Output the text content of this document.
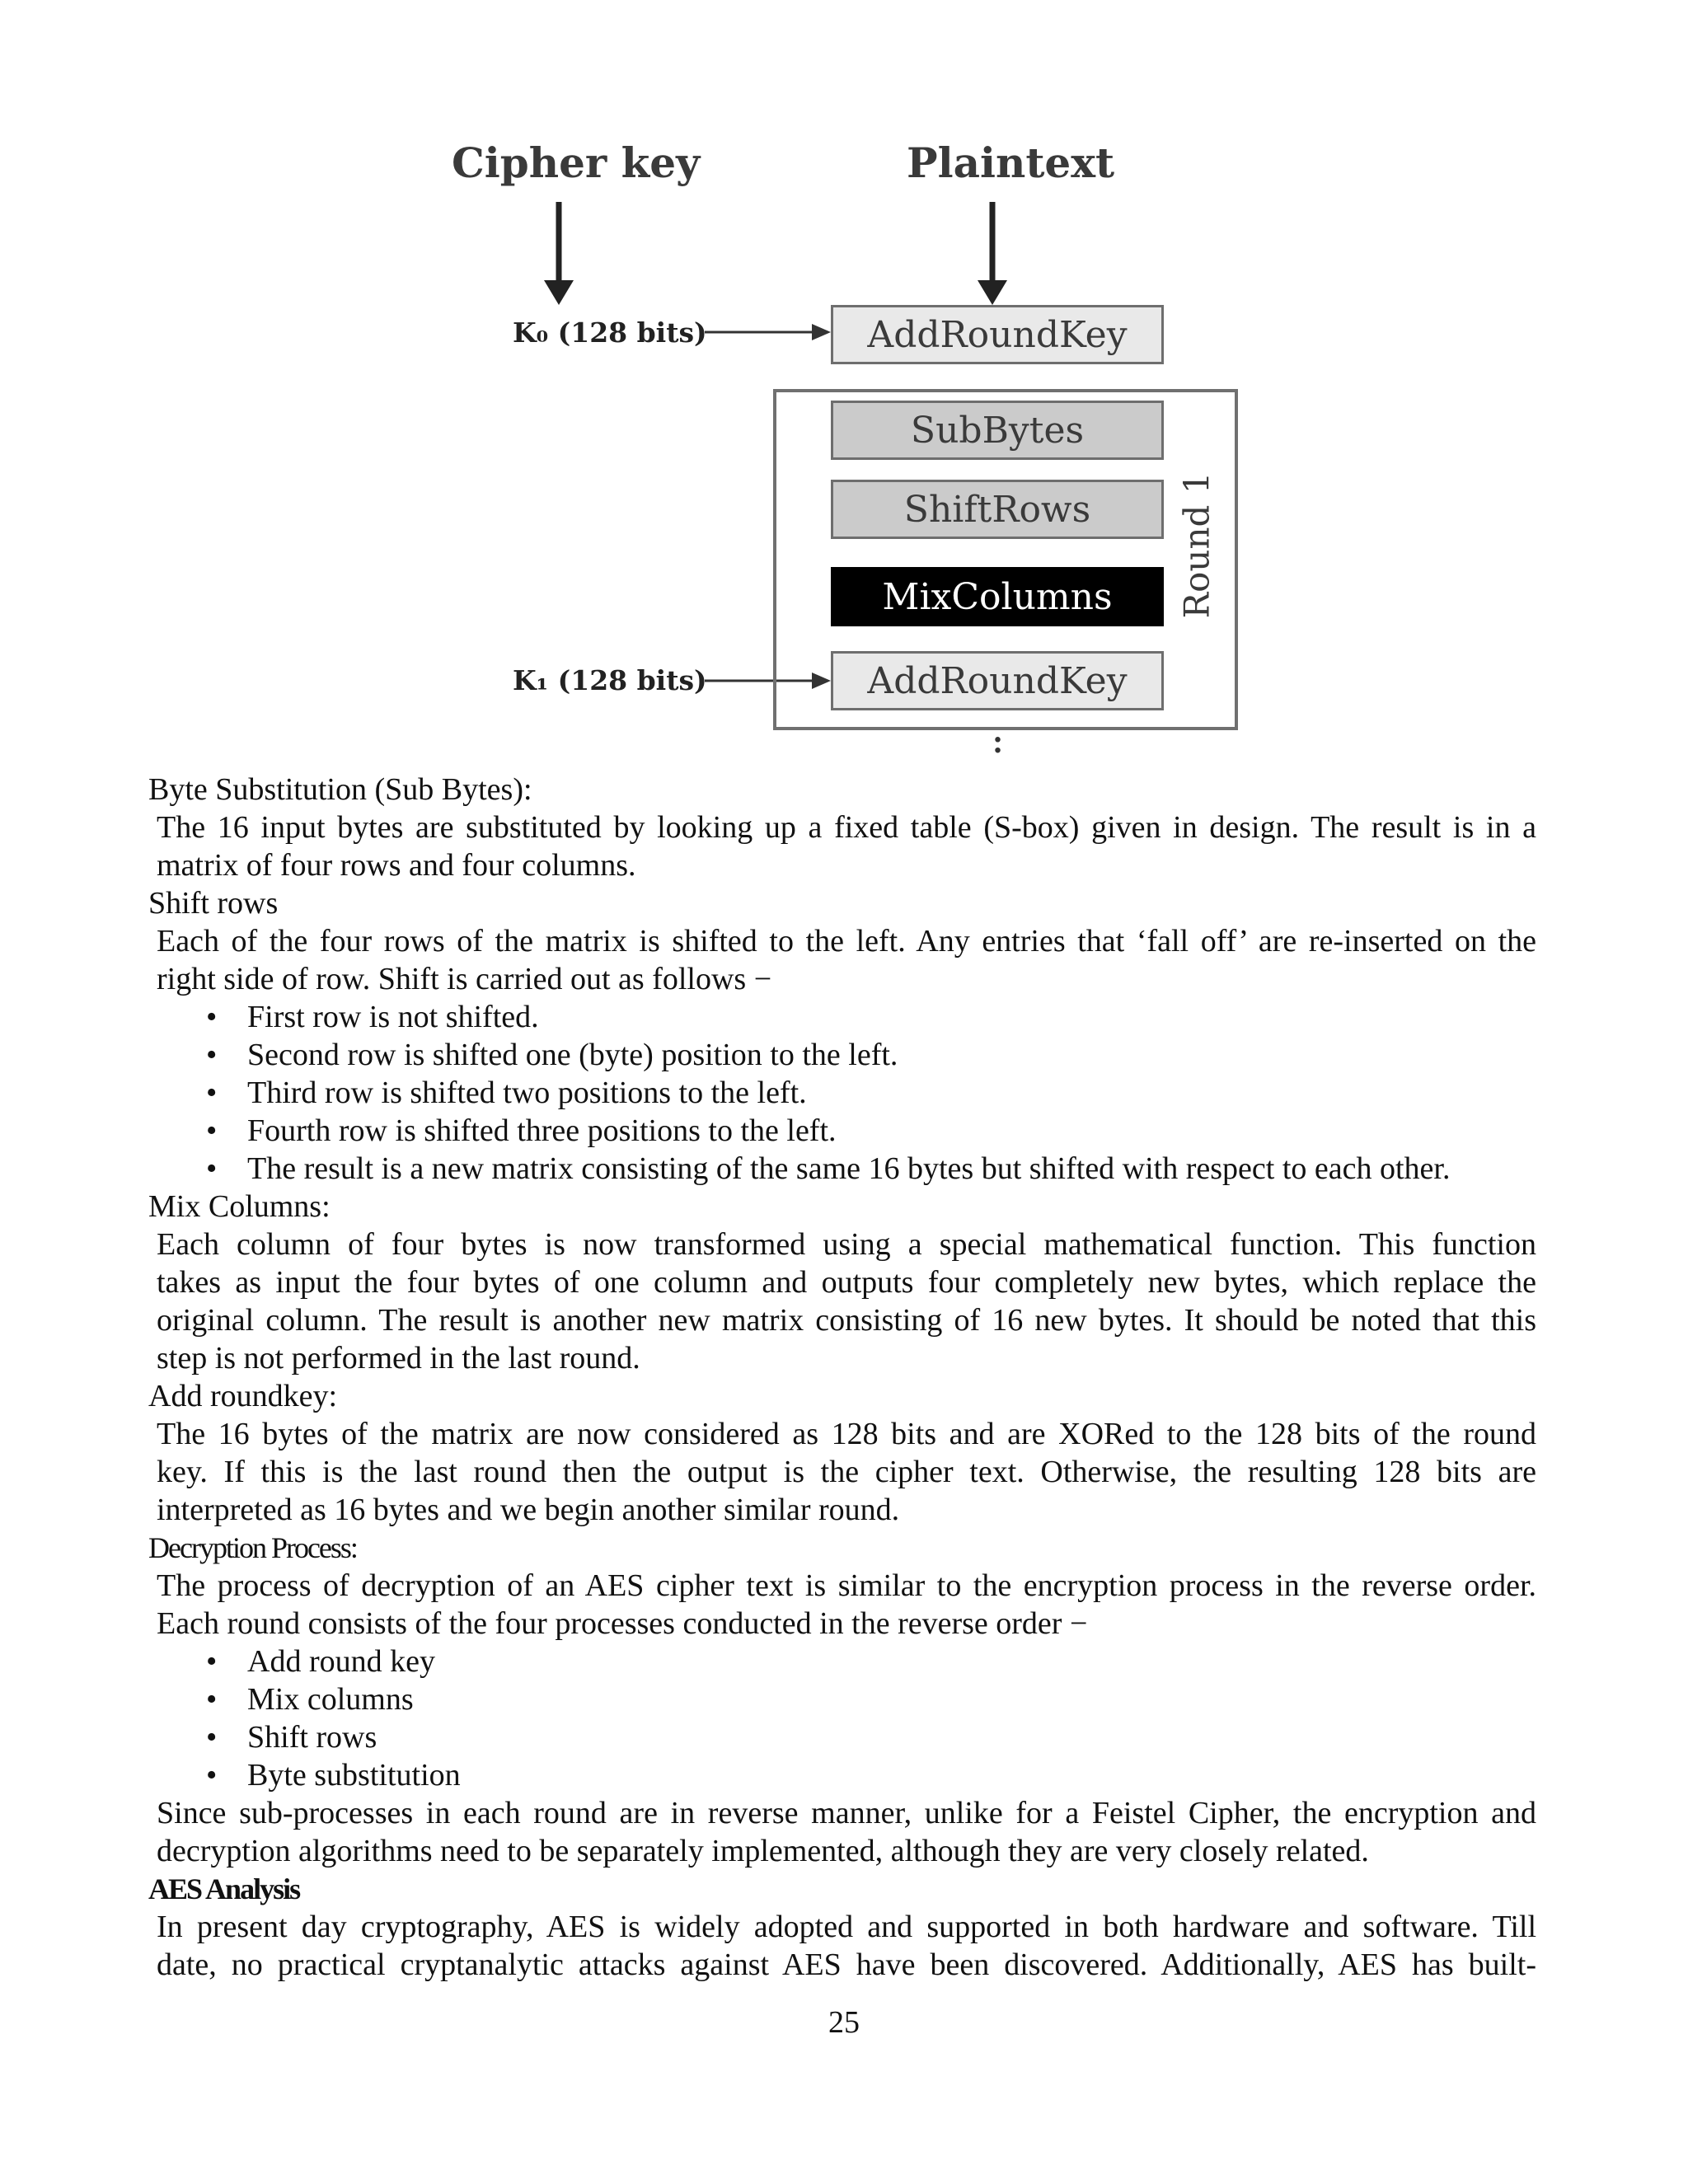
Cipher key	Plaintext
K₀ (128 bits)
K₁ (128 bits)
AddRoundKey
SubBytes
ShiftRows
MixColumns
AddRoundKey
Round 1
:
Byte Substitution (Sub Bytes):
The 16 input bytes are substituted by looking up a fixed table (S-box) given in design. The result is in a
matrix of four rows and four columns.
Shift rows
Each of the four rows of the matrix is shifted to the left. Any entries that ‘fall off’ are re-inserted on the
right side of row. Shift is carried out as follows −
• First row is not shifted.
• Second row is shifted one (byte) position to the left.
• Third row is shifted two positions to the left.
• Fourth row is shifted three positions to the left.
• The result is a new matrix consisting of the same 16 bytes but shifted with respect to each other.
Mix Columns:
Each column of four bytes is now transformed using a special mathematical function. This function
takes as input the four bytes of one column and outputs four completely new bytes, which replace the
original column. The result is another new matrix consisting of 16 new bytes. It should be noted that this
step is not performed in the last round.
Add roundkey:
The 16 bytes of the matrix are now considered as 128 bits and are XORed to the 128 bits of the round
key. If this is the last round then the output is the cipher text. Otherwise, the resulting 128 bits are
interpreted as 16 bytes and we begin another similar round.
Decryption Process:
The process of decryption of an AES cipher text is similar to the encryption process in the reverse order.
Each round consists of the four processes conducted in the reverse order −
• Add round key
• Mix columns
• Shift rows
• Byte substitution
Since sub-processes in each round are in reverse manner, unlike for a Feistel Cipher, the encryption and
decryption algorithms need to be separately implemented, although they are very closely related.
AES Analysis
In present day cryptography, AES is widely adopted and supported in both hardware and software. Till
date, no practical cryptanalytic attacks against AES have been discovered. Additionally, AES has built-
25
